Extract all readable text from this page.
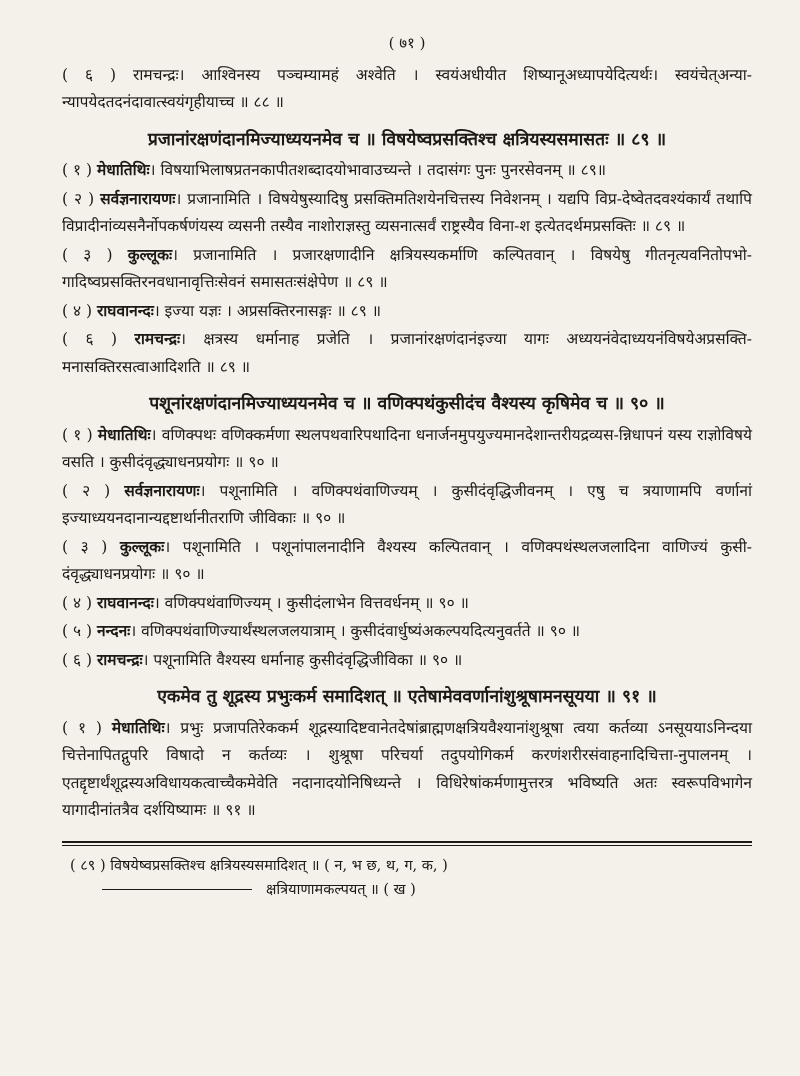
( ७१ )

( ६ ) रामचन्द्रः। आश्विनस्य पञ्चम्यामहं अश्वेति । स्वयंअधीयीत शिष्यानूअध्यापयेदित्यर्थः। स्वयंचेत्अन्या-न्यापयेदतदनंदावात्स्वयंगृहीयाच्च ॥ ८८ ॥

प्रजानांरक्षणंदानमिज्याध्ययनमेव च ॥ विषयेष्वप्रसक्तिश्च क्षत्रियस्यसमासतः ॥ ८९ ॥

( १ ) मेधातिथिः। विषयाभिलाषप्रतनकापीतशब्दादयोभावाउच्यन्ते । तदासंगः पुनः पुनरसेवनम् ॥ ८९॥

( २ ) सर्वज्ञनारायणः। प्रजानामिति । विषयेषुस्यादिषु प्रसक्तिमतिशयेनचित्तस्य निवेशनम् । यद्यपि विप्र-देष्वेतदवश्यंकार्यं तथापि विप्रादीनांव्यसनैर्नोपकर्षणंयस्य व्यसनी तस्यैव नाशोराज्ञस्तु व्यसनात्सर्वं राष्ट्रस्यैव विना-श इत्येतदर्थमप्रसक्तिः ॥ ८९ ॥

( ३ ) कुल्लूकः। प्रजानामिति । प्रजारक्षणादीनि क्षत्रियस्यकर्माणि कल्पितवान् । विषयेषु गीतनृत्यवनितोपभो-गादिष्वप्रसक्तिरनवधानावृत्तिःसेवनं समासतःसंक्षेपेण ॥ ८९ ॥

( ४ ) राघवानन्दः। इज्या यज्ञः । अप्रसक्तिरनासङ्गः ॥ ८९ ॥

( ६ ) रामचन्द्रः। क्षत्रस्य धर्मानाह प्रजेति । प्रजानांरक्षणंदानंइज्या यागः अध्ययनंवेदाध्ययनंविषयेअप्रसक्ति-मनासक्तिरसत्वाआदिशति ॥ ८९ ॥

पशूनांरक्षणंदानमिज्याध्ययनमेव च ॥ वणिक्पथंकुसीदंच वैश्यस्य कृषिमेव च ॥ ९० ॥

( १ ) मेधातिथिः। वणिक्पथः वणिक्कर्मणा स्थलपथवारिपथादिना धनार्जनमुपयुज्यमानदेशान्तरीयद्रव्यस-न्निधापनं यस्य राज्ञोविषये वसति । कुसीदंवृद्ध्याधनप्रयोगः ॥ ९० ॥

( २ ) सर्वज्ञनारायणः। पशूनामिति । वणिक्पथंवाणिज्यम् । कुसीदंवृद्धिजीवनम् । एषु च त्रयाणामपि वर्णानां इज्याध्ययनदानान्यद्दष्टार्थानीतराणि जीविकाः ॥ ९० ॥

( ३ ) कुल्लूकः। पशूनामिति । पशूनांपालनादीनि वैश्यस्य कल्पितवान् । वणिक्पथंस्थलजलादिना वाणिज्यं कुसी-दंवृद्ध्याधनप्रयोगः ॥ ९० ॥

( ४ ) राघवानन्दः। वणिक्पथंवाणिज्यम् । कुसीदंलाभेन वित्तवर्धनम् ॥ ९० ॥

( ५ ) नन्दनः। वणिक्पथंवाणिज्यार्थंस्थलजलयात्राम् । कुसीदंवार्धुष्यंअकल्पयदित्यनुवर्तते ॥ ९० ॥

( ६ ) रामचन्द्रः। पशूनामिति वैश्यस्य धर्मानाह कुसीदंवृद्धिजीविका ॥ ९० ॥

एकमेव तु शूद्रस्य प्रभुःकर्म समादिशत् ॥ एतेषामेववर्णानांशुश्रूषामनसूयया ॥ ९१ ॥

( १ ) मेधातिथिः। प्रभुः प्रजापतिरेककर्म शूद्रस्यादिष्टवानेतदेषांब्राह्मणक्षत्रियवैश्यानांशुश्रूषा त्वया कर्तव्या ऽनसूययाऽनिन्दया चित्तेनापितद्गुपरि विषादो न कर्तव्यः । शुश्रूषा परिचर्या तदुपयोगिकर्म करणंशरीरसंवाहनादिचित्ता-नुपालनम् । एतद्दृष्टार्थंशूद्रस्यअविधायकत्वाच्चैकमेवेति नदानादयोनिषिध्यन्ते । विधिरेषांकर्मणामुत्तरत्र भविष्यति अतः स्वरूपविभागेन यागादीनांतत्रैव दर्शयिष्यामः ॥ ९१ ॥

( ८९ ) विषयेष्वप्रसक्तिश्च क्षत्रियस्यसमादिशत् ॥ ( न, भ छ, थ, ग, क, )

क्षत्रियाणामकल्पयत् ॥ ( ख )
